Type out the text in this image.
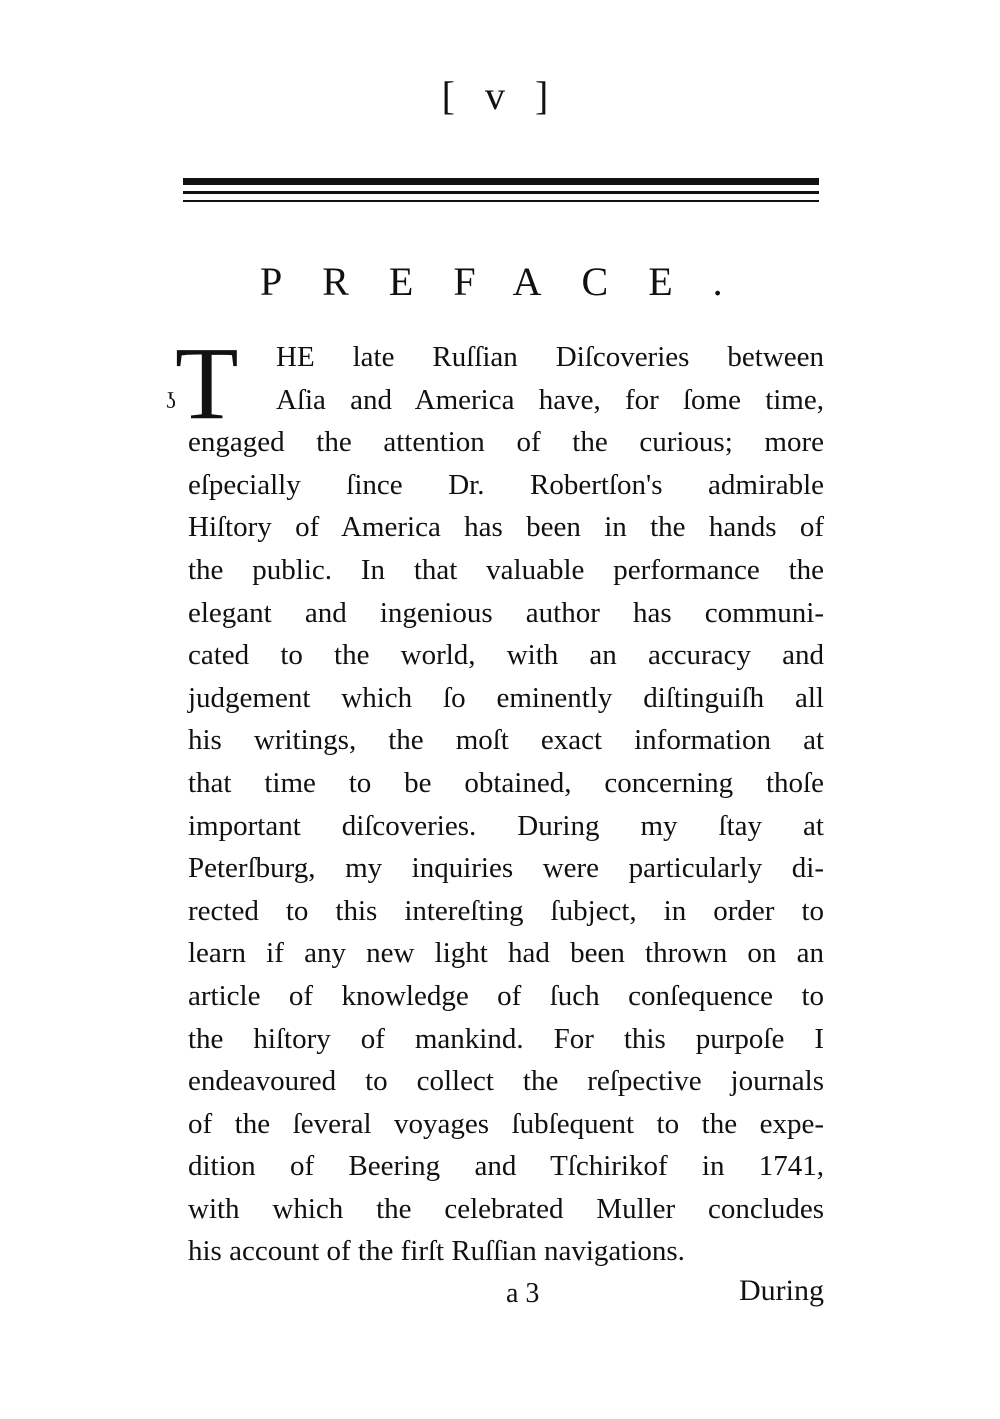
[ v ]
PREFACE.
T
ʖ
HE late Ruſſian Diſcoveries between
Aſia and America have, for ſome time,
engaged the attention of the curious; more
eſpecially ſince Dr. Robertſon's admirable
Hiſtory of America has been in the hands of
the public. In that valuable performance the
elegant and ingenious author has communi-
cated to the world, with an accuracy and
judgement which ſo eminently diſtinguiſh all
his writings, the moſt exact information at
that time to be obtained, concerning thoſe
important diſcoveries. During my ſtay at
Peterſburg, my inquiries were particularly di-
rected to this intereſting ſubject, in order to
learn if any new light had been thrown on an
article of knowledge of ſuch conſequence to
the hiſtory of mankind. For this purpoſe I
endeavoured to collect the reſpective journals
of the ſeveral voyages ſubſequent to the expe-
dition of Beering and Tſchirikof in 1741,
with which the celebrated Muller concludes
his account of the firſt Ruſſian navigations.
a 3	During
